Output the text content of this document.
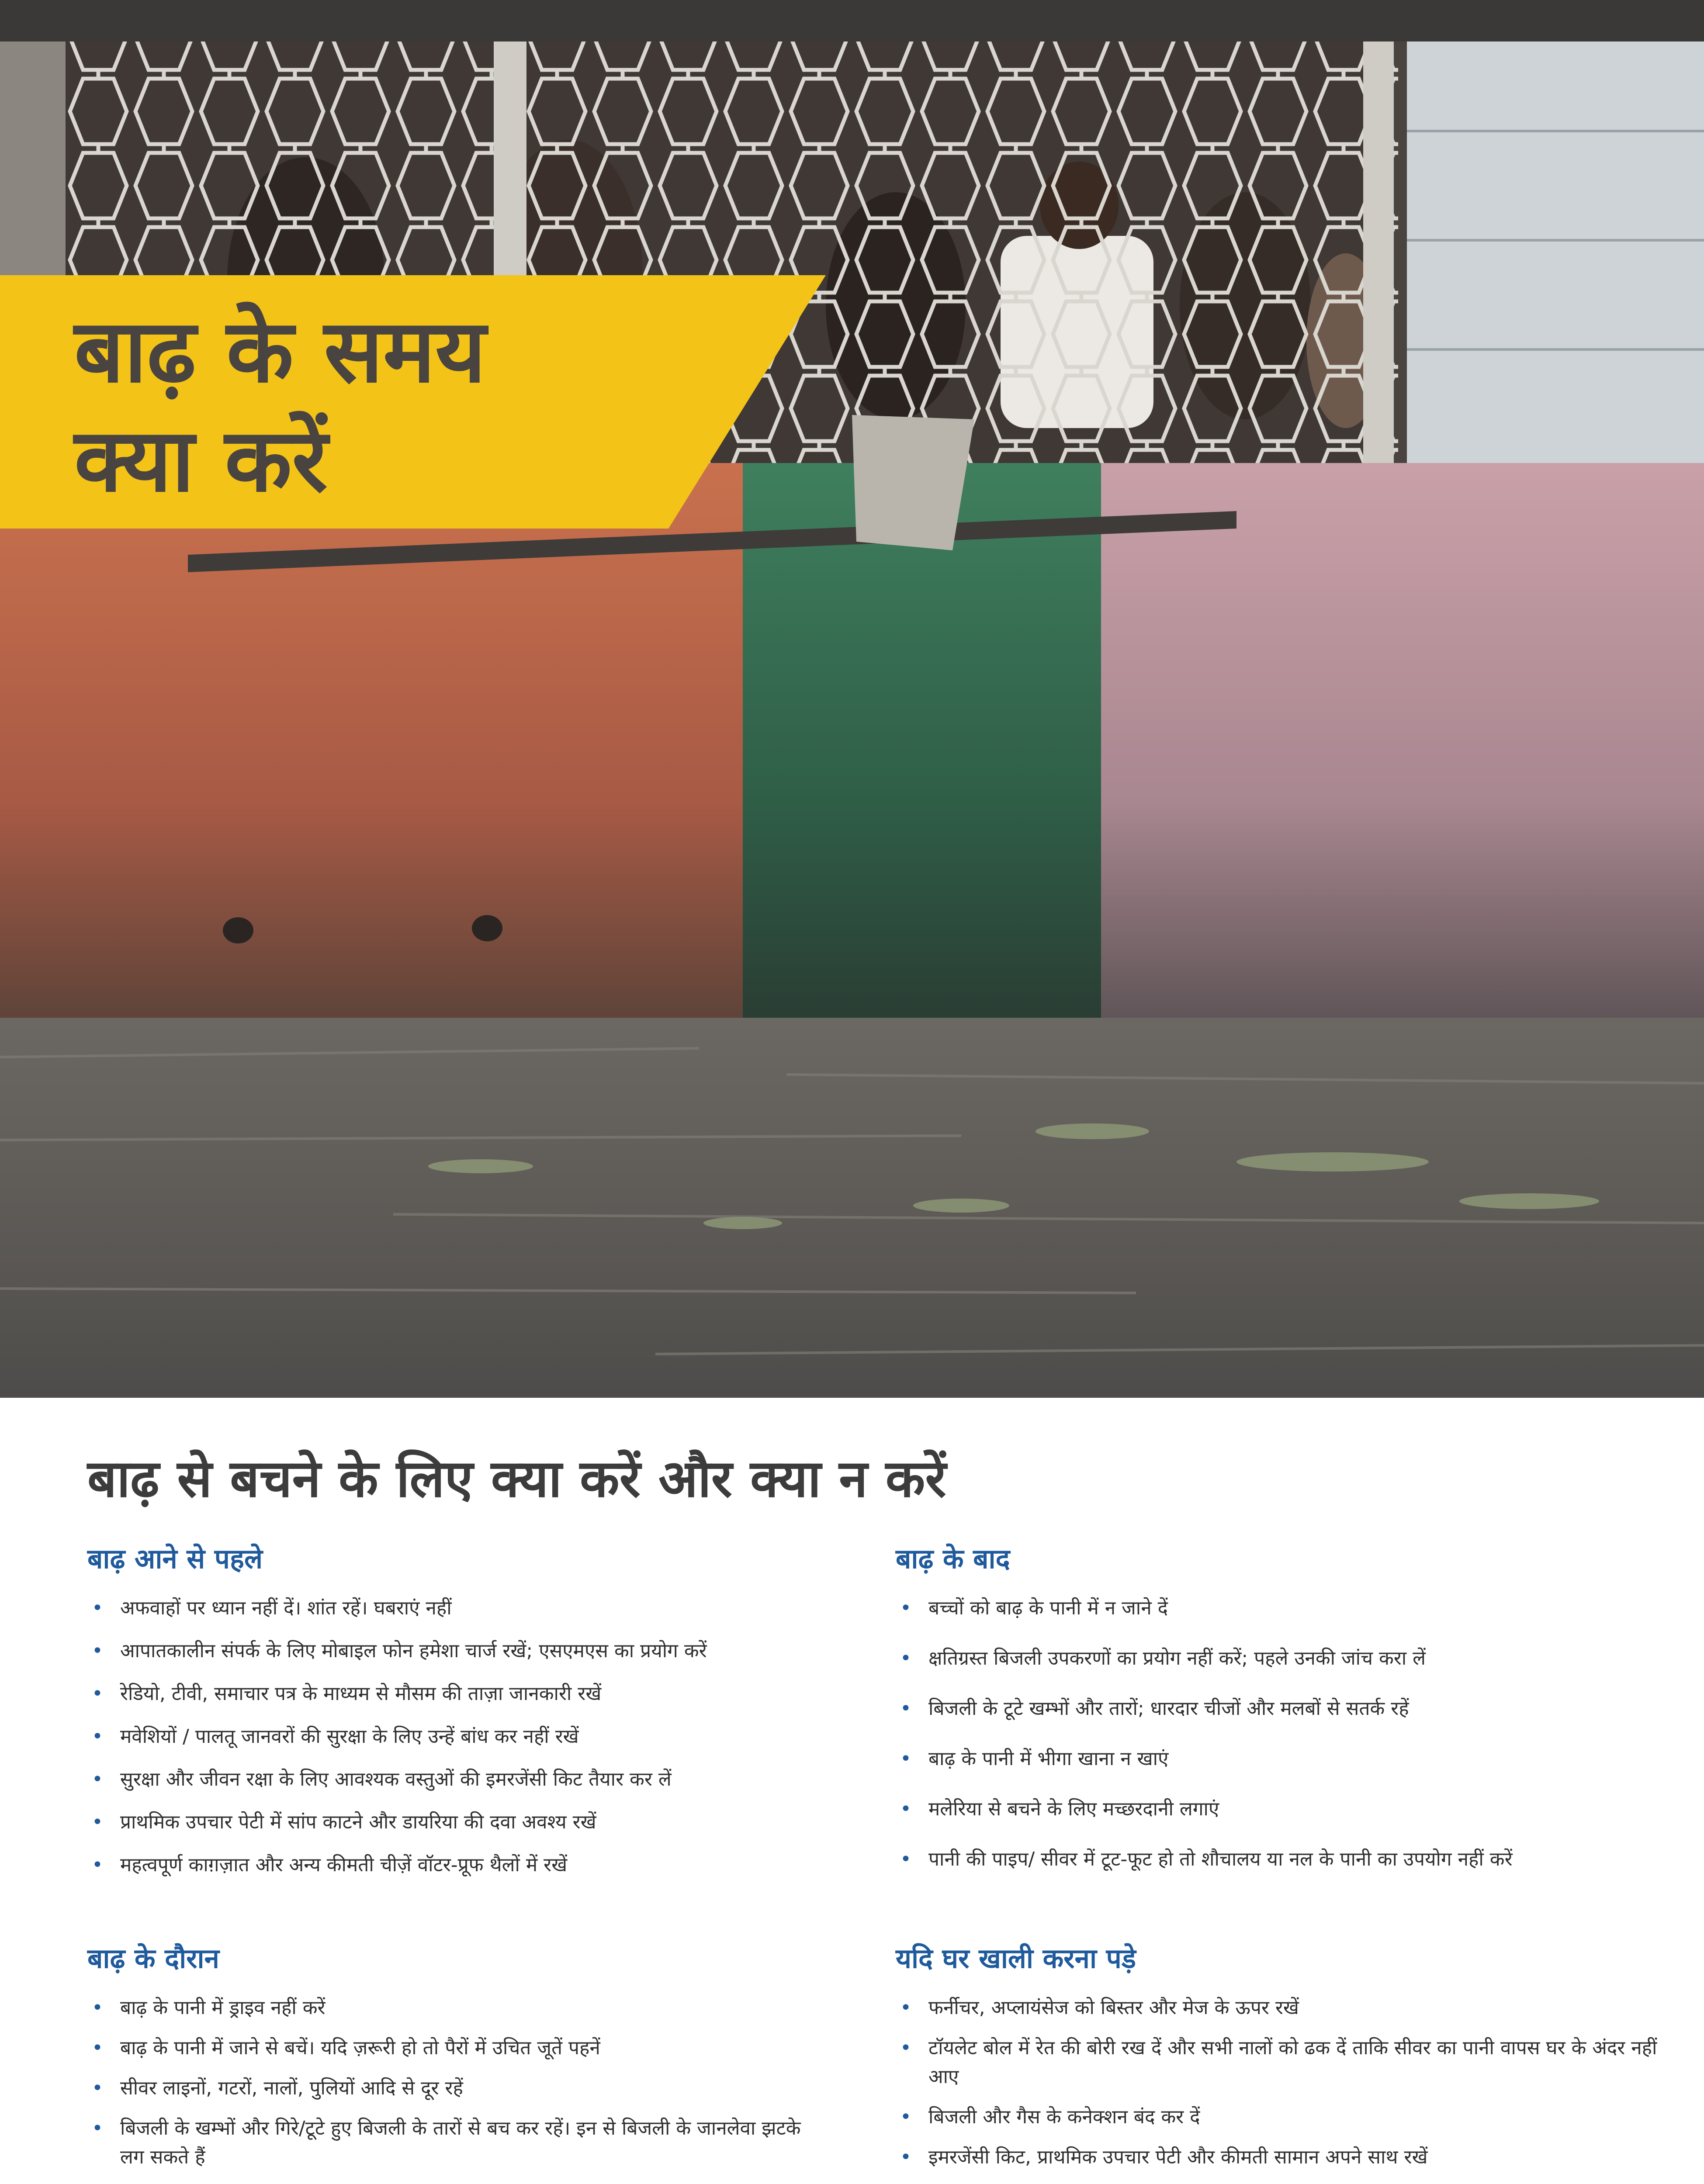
बाढ़ के समय
क्या करें
बाढ़ से बचने के लिए क्या करें और क्या न करें
बाढ़ आने से पहले
• अफवाहों पर ध्यान नहीं दें। शांत रहें। घबराएं नहीं
• आपातकालीन संपर्क के लिए मोबाइल फोन हमेशा चार्ज रखें; एसएमएस का प्रयोग करें
• रेडियो, टीवी, समाचार पत्र के माध्यम से मौसम की ताज़ा जानकारी रखें
• मवेशियों / पालतू जानवरों की सुरक्षा के लिए उन्हें बांध कर नहीं रखें
• सुरक्षा और जीवन रक्षा के लिए आवश्यक वस्तुओं की इमरजेंसी किट तैयार कर लें
• प्राथमिक उपचार पेटी में सांप काटने और डायरिया की दवा अवश्य रखें
• महत्वपूर्ण काग़ज़ात और अन्य कीमती चीज़ें वॉटर-प्रूफ थैलों में रखें
बाढ़ के बाद
• बच्चों को बाढ़ के पानी में न जाने दें
• क्षतिग्रस्त बिजली उपकरणों का प्रयोग नहीं करें; पहले उनकी जांच करा लें
• बिजली के टूटे खम्भों और तारों; धारदार चीजों और मलबों से सतर्क रहें
• बाढ़ के पानी में भीगा खाना न खाएं
• मलेरिया से बचने के लिए मच्छरदानी लगाएं
• पानी की पाइप/ सीवर में टूट-फूट हो तो शौचालय या नल के पानी का उपयोग नहीं करें
बाढ़ के दौरान
• बाढ़ के पानी में ड्राइव नहीं करें
• बाढ़ के पानी में जाने से बचें। यदि ज़रूरी हो तो पैरों में उचित जूतें पहनें
• सीवर लाइनों, गटरों, नालों, पुलियों आदि से दूर रहें
• बिजली के खम्भों और गिरे/टूटे हुए बिजली के तारों से बच कर रहें। इन से बिजली के जानलेवा झटके लग सकते हैं
यदि घर खाली करना पड़े
• फर्नीचर, अप्लायंसेज को बिस्तर और मेज के ऊपर रखें
• टॉयलेट बोल में रेत की बोरी रख दें और सभी नालों को ढक दें ताकि सीवर का पानी वापस घर के अंदर नहीं आए
• बिजली और गैस के कनेक्शन बंद कर दें
• इमरजेंसी किट, प्राथमिक उपचार पेटी और कीमती सामान अपने साथ रखें
